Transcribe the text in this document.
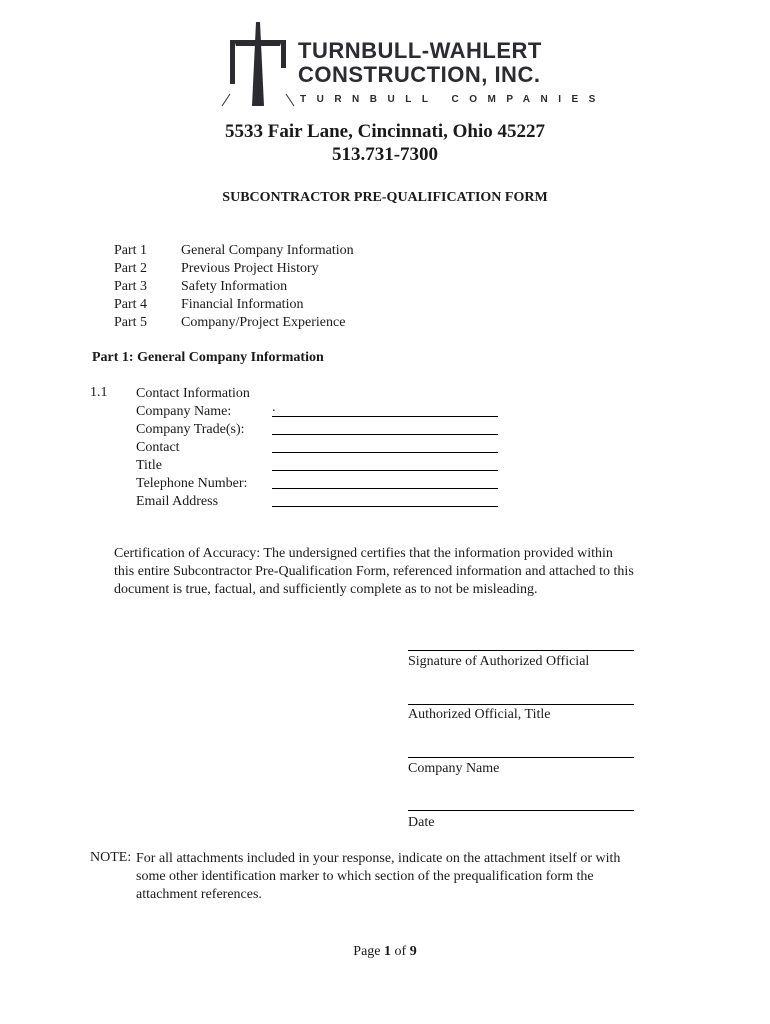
TURNBULL-WAHLERT
CONSTRUCTION, INC.
TURNBULL COMPANIES
5533 Fair Lane, Cincinnati, Ohio 45227
513.731-7300
SUBCONTRACTOR PRE-QUALIFICATION FORM
Part 1 General Company Information
Part 2 Previous Project History
Part 3 Safety Information
Part 4 Financial Information
Part 5 Company/Project Experience
Part 1: General Company Information
1.1 Contact Information
Company Name:
Company Trade(s):
Contact
Title
Telephone Number:
Email Address
.
Certification of Accuracy: The undersigned certifies that the information provided within
this entire Subcontractor Pre-Qualification Form, referenced information and attached to this
document is true, factual, and sufficiently complete as to not be misleading.
Signature of Authorized Official
Authorized Official, Title
Company Name
Date
NOTE: For all attachments included in your response, indicate on the attachment itself or with
some other identification marker to which section of the prequalification form the
attachment references.
Page 1 of 9
